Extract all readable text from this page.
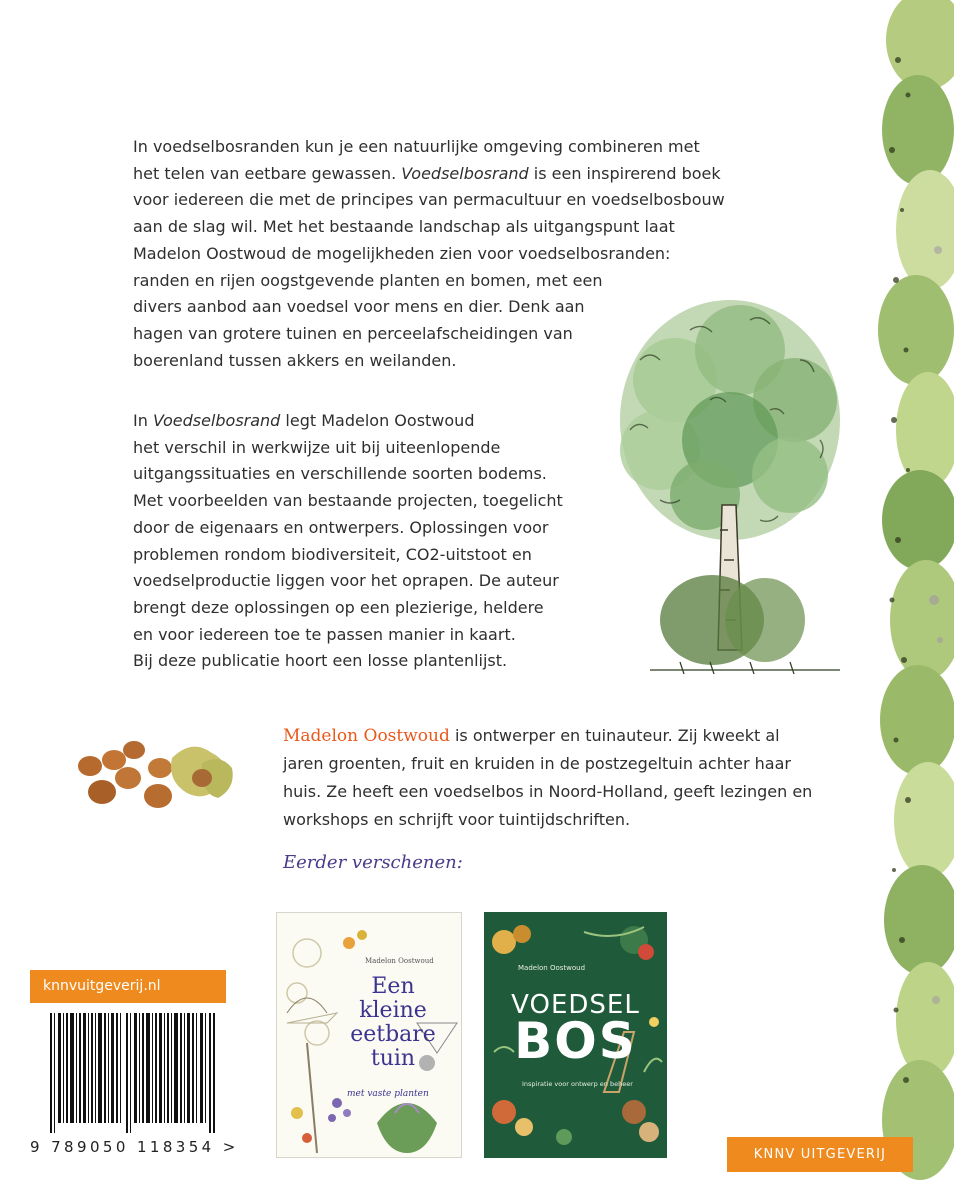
In voedselbosranden kun je een natuurlijke omgeving combineren met
het telen van eetbare gewassen. Voedselbosrand is een inspirerend boek
voor iedereen die met de principes van permacultuur en voedselbosbouw
aan de slag wil. Met het bestaande landschap als uitgangspunt laat
Madelon Oostwoud de mogelijkheden zien voor voedselbosranden:
randen en rijen oogstgevende planten en bomen, met een
divers aanbod aan voedsel voor mens en dier. Denk aan
hagen van grotere tuinen en perceelafscheidingen van
boerenland tussen akkers en weilanden.
In Voedselbosrand legt Madelon Oostwoud
het verschil in werkwijze uit bij uiteenlopende
uitgangssituaties en verschillende soorten bodems.
Met voorbeelden van bestaande projecten, toegelicht
door de eigenaars en ontwerpers. Oplossingen voor
problemen rondom biodiversiteit, CO2-uitstoot en
voedselproductie liggen voor het oprapen. De auteur
brengt deze oplossingen op een plezierige, heldere
en voor iedereen toe te passen manier in kaart.
Bij deze publicatie hoort een losse plantenlijst.
Madelon Oostwoud is ontwerper en tuinauteur. Zij kweekt al
jaren groenten, fruit en kruiden in de postzegeltuin achter haar
huis. Ze heeft een voedselbos in Noord-Holland, geeft lezingen en
workshops en schrijft voor tuintijdschriften.
Eerder verschenen:
Madelon Oostwoud
Een
kleine
eetbare
tuin
met vaste planten
Madelon Oostwoud
VOEDSEL
BOS
Inspiratie voor ontwerp en beheer
knnvuitgeverij.nl
9 789050 118354 >	KNNV UITGEVERIJ
